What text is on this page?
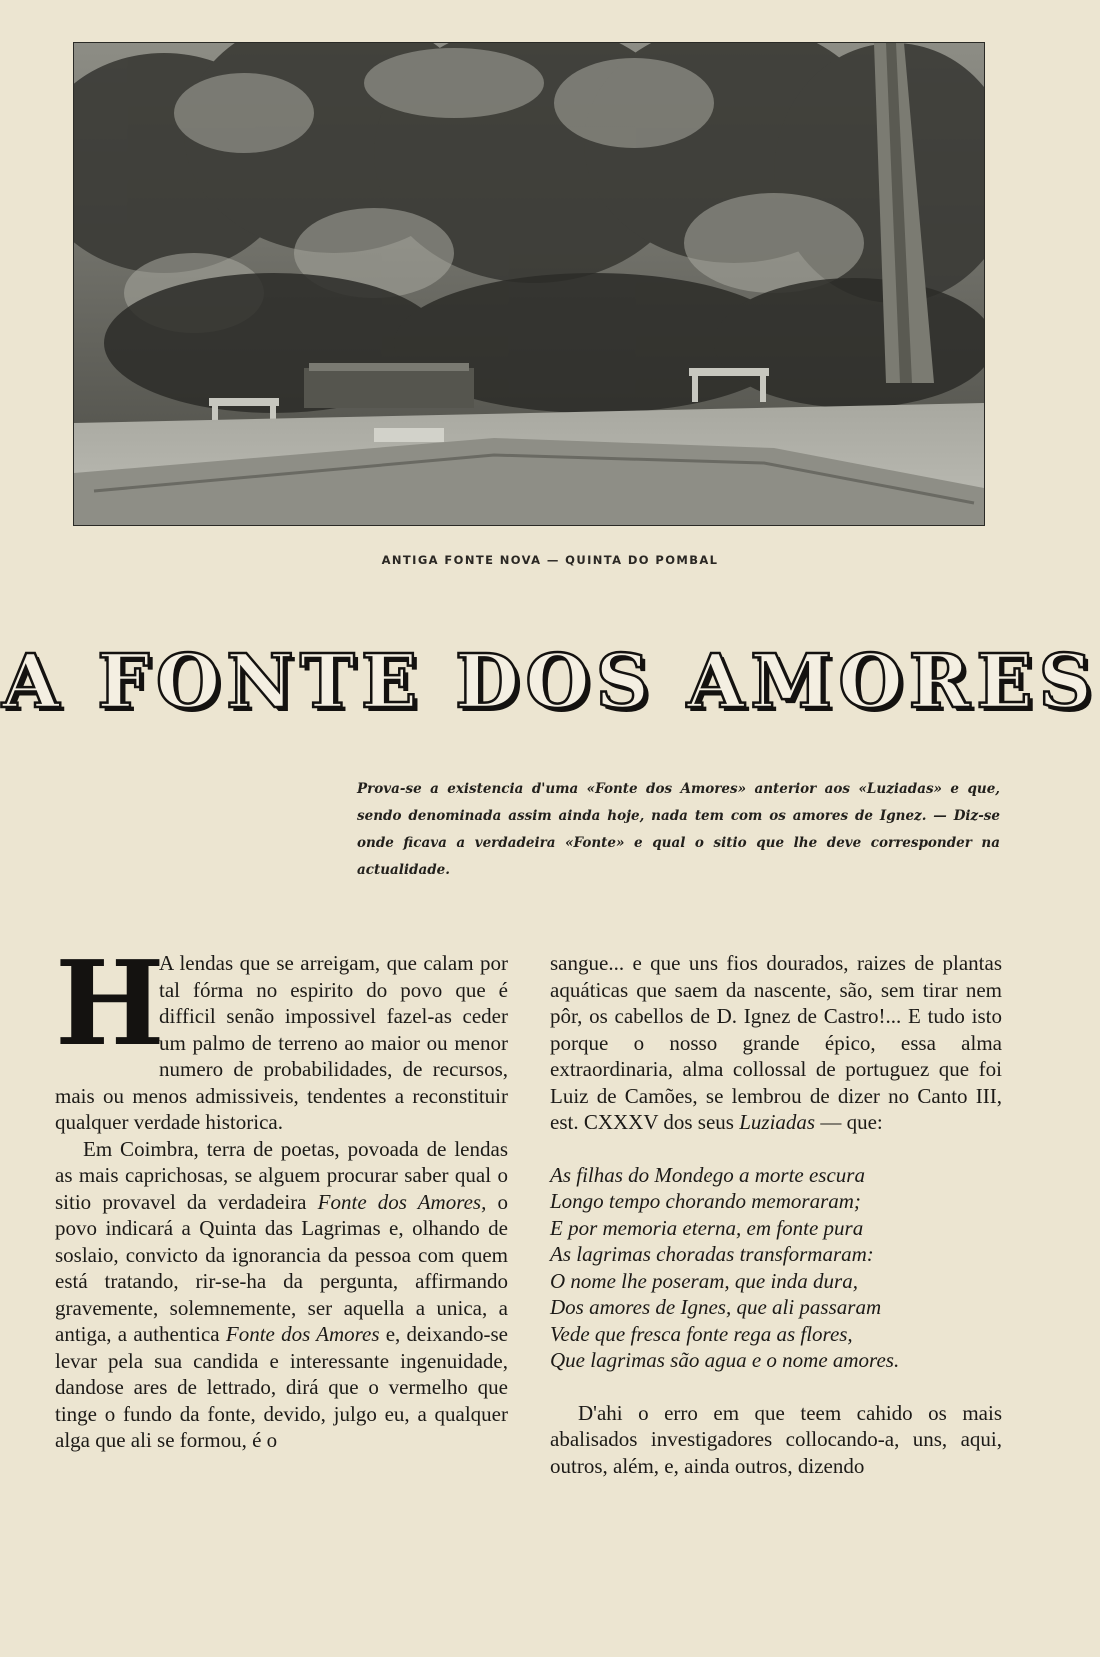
ANTIGA FONTE NOVA — QUINTA DO POMBAL
A FONTE DOS AMORES
Prova-se a existencia d'uma «Fonte dos Amores» anterior aos «Luziadas» e que, sendo denominada assim ainda hoje, nada tem com os amores de Ignez. — Diz-se onde ficava a verdadeira «Fonte» e qual o sitio que lhe deve corresponder na actualidade.
H

A lendas que se arreigam, que calam por tal fórma no espirito do povo que é difficil senão impossivel fazel-as ceder um palmo de terreno ao maior ou menor numero de probabilidades, de recursos, mais ou menos admissiveis, tendentes a reconstituir qualquer verdade historica.

Em Coimbra, terra de poetas, povoada de lendas as mais caprichosas, se alguem procurar saber qual o sitio provavel da verdadeira Fonte dos Amores, o povo indicará a Quinta das Lagrimas e, olhando de soslaio, convicto da ignorancia da pessoa com quem está tratando, rir-se-ha da pergunta, affirmando gravemente, solemnemente, ser aquella a unica, a antiga, a authentica Fonte dos Amores e, deixando-se levar pela sua candida e interessante ingenuidade, dandose ares de lettrado, dirá que o vermelho que tinge o fundo da fonte, devido, julgo eu, a qualquer alga que ali se formou, é o

sangue... e que uns fios dourados, raizes de plantas aquáticas que saem da nascente, são, sem tirar nem pôr, os cabellos de D. Ignez de Castro!... E tudo isto porque o nosso grande épico, essa alma extraordinaria, alma collossal de portuguez que foi Luiz de Camões, se lembrou de dizer no Canto III, est. CXXXV dos seus Luziadas — que:

As filhas do Mondego a morte escura
Longo tempo chorando memoraram;
E por memoria eterna, em fonte pura
As lagrimas choradas transformaram:
O nome lhe poseram, que inda dura,
Dos amores de Ignes, que ali passaram
Vede que fresca fonte rega as flores,
Que lagrimas são agua e o nome amores.

D'ahi o erro em que teem cahido os mais abalisados investigadores collocando-a, uns, aqui, outros, além, e, ainda outros, dizendo
